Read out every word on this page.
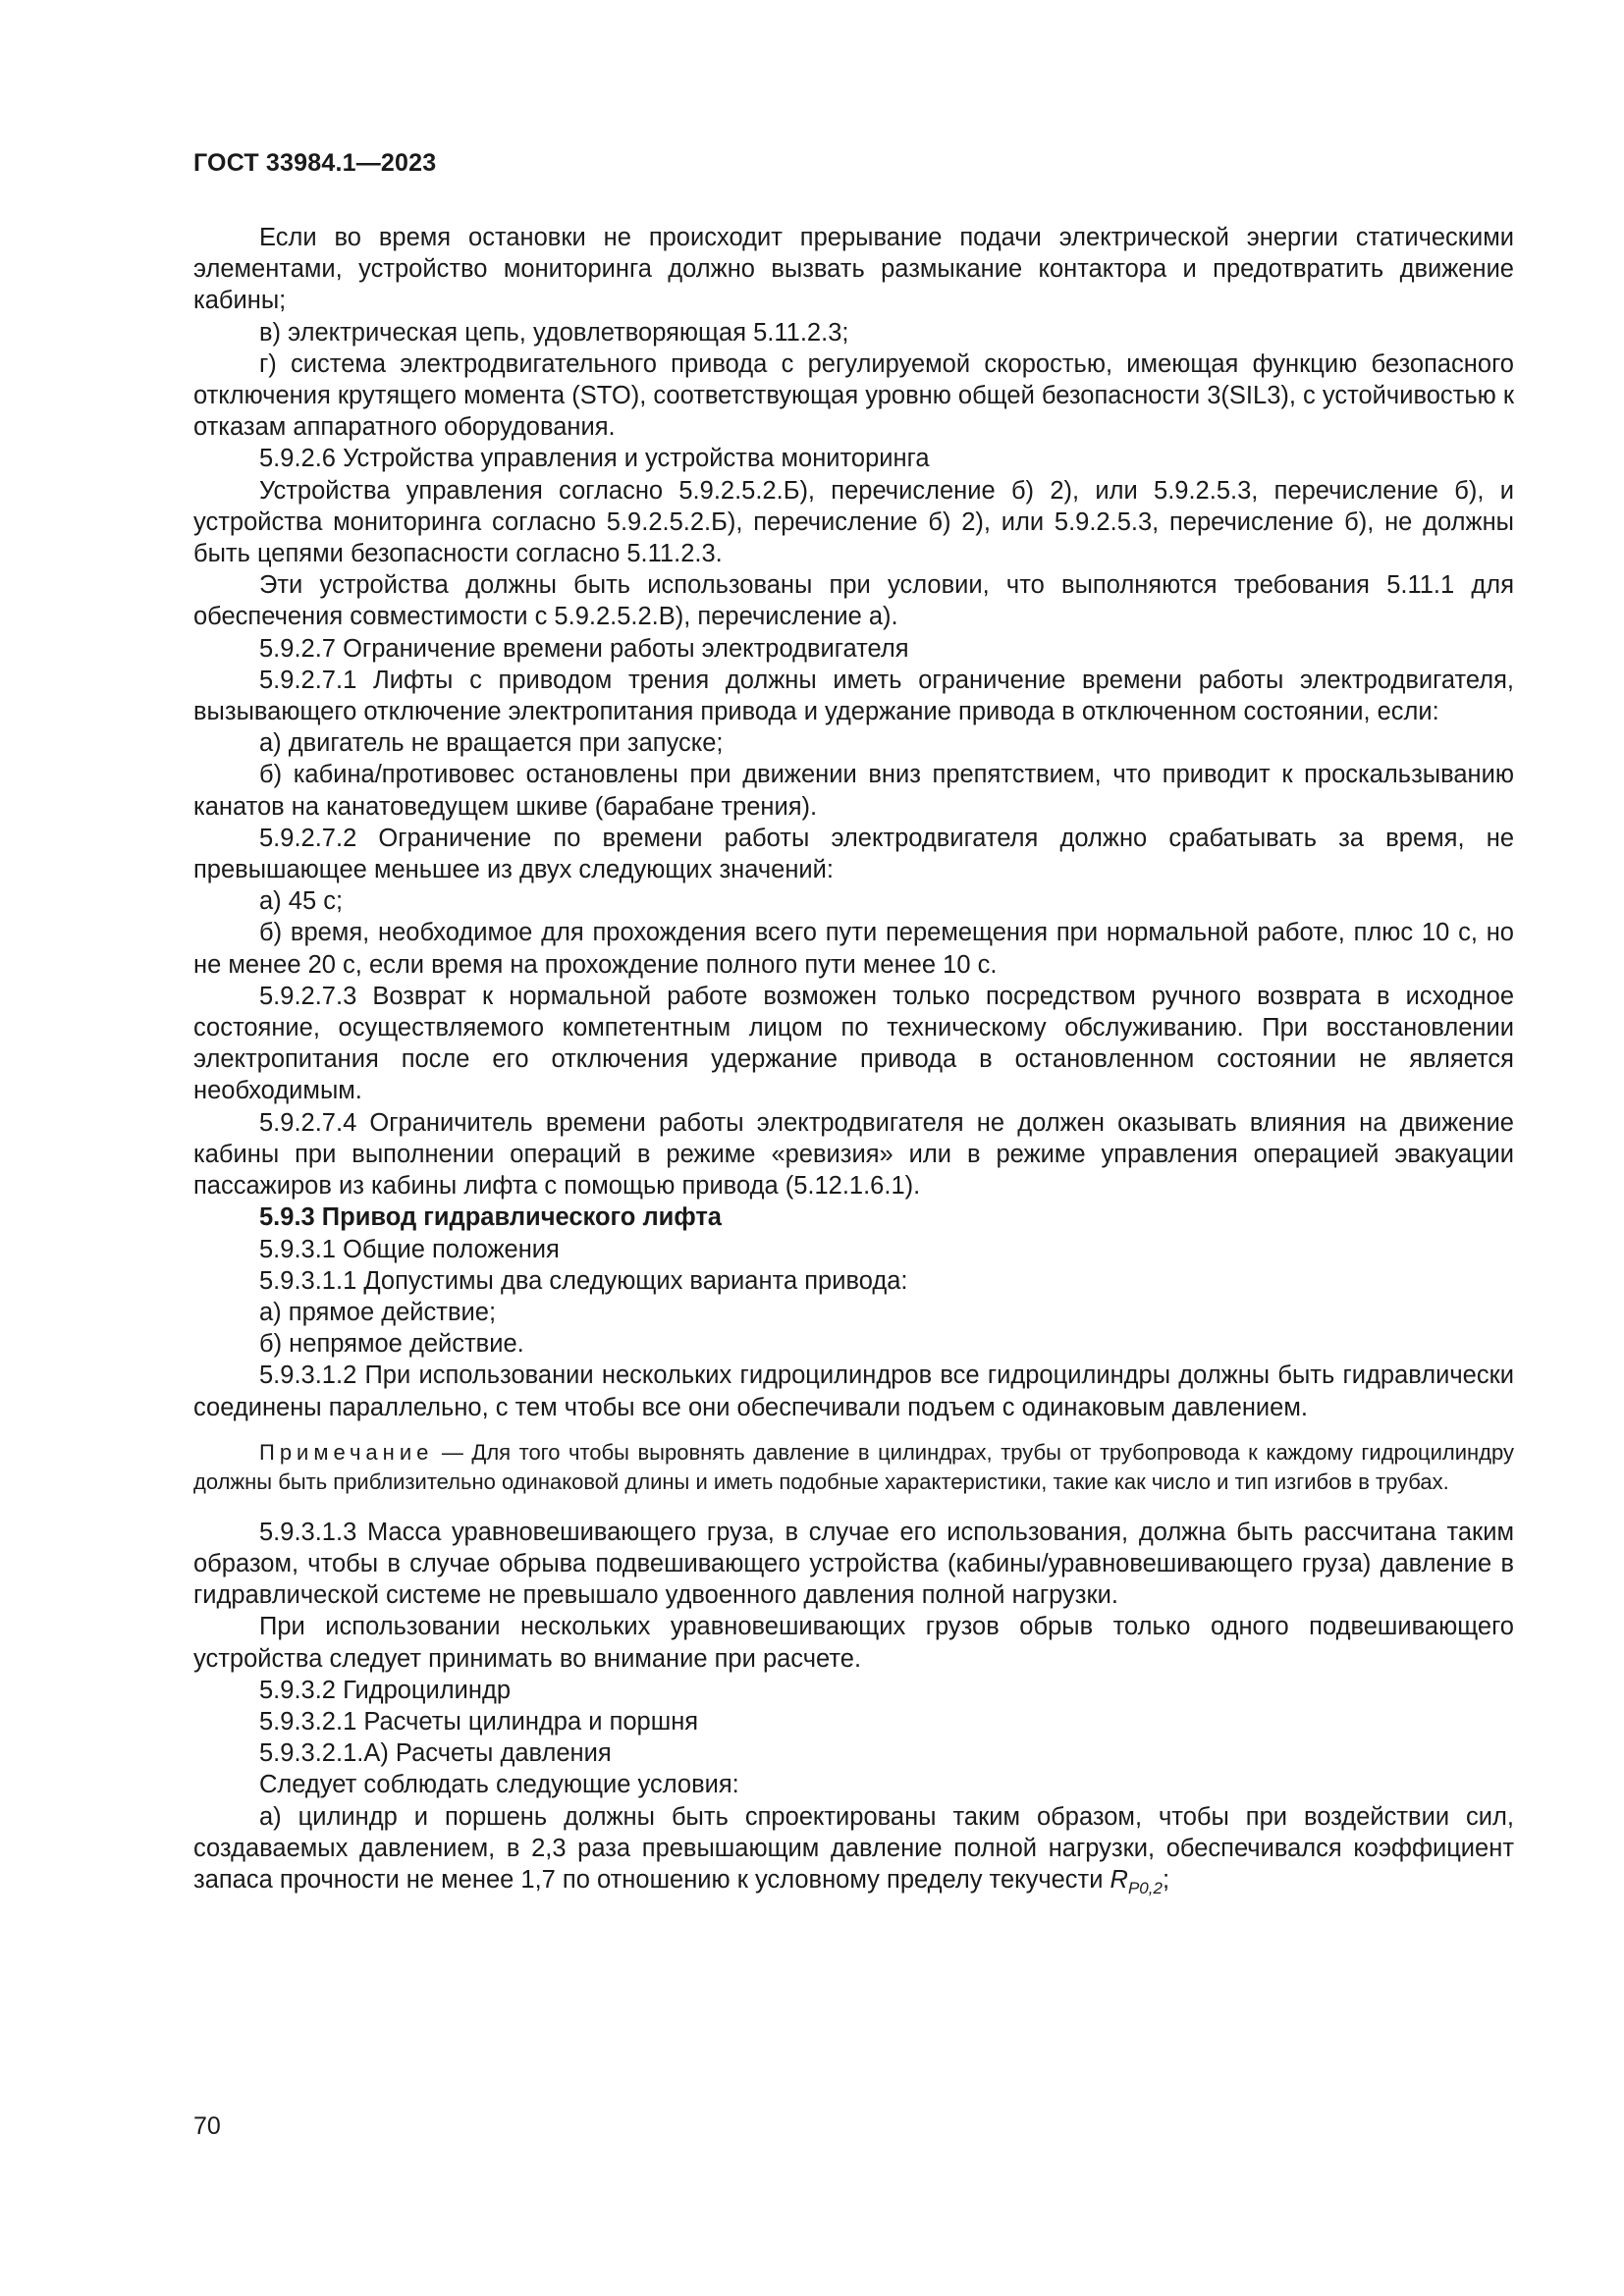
ГОСТ 33984.1—2023

Если во время остановки не происходит прерывание подачи электрической энергии статическими элементами, устройство мониторинга должно вызвать размыкание контактора и предотвратить движение кабины;

в) электрическая цепь, удовлетворяющая 5.11.2.3;

г) система электродвигательного привода с регулируемой скоростью, имеющая функцию безопасного отключения крутящего момента (STO), соответствующая уровню общей безопасности 3(SIL3), с устойчивостью к отказам аппаратного оборудования.

5.9.2.6 Устройства управления и устройства мониторинга

Устройства управления согласно 5.9.2.5.2.Б), перечисление б) 2), или 5.9.2.5.3, перечисление б), и устройства мониторинга согласно 5.9.2.5.2.Б), перечисление б) 2), или 5.9.2.5.3, перечисление б), не должны быть цепями безопасности согласно 5.11.2.3.

Эти устройства должны быть использованы при условии, что выполняются требования 5.11.1 для обеспечения совместимости с 5.9.2.5.2.В), перечисление а).

5.9.2.7 Ограничение времени работы электродвигателя

5.9.2.7.1 Лифты с приводом трения должны иметь ограничение времени работы электродвигателя, вызывающего отключение электропитания привода и удержание привода в отключенном состоянии, если:

а) двигатель не вращается при запуске;

б) кабина/противовес остановлены при движении вниз препятствием, что приводит к проскальзыванию канатов на канатоведущем шкиве (барабане трения).

5.9.2.7.2 Ограничение по времени работы электродвигателя должно срабатывать за время, не превышающее меньшее из двух следующих значений:

а) 45 с;

б) время, необходимое для прохождения всего пути перемещения при нормальной работе, плюс 10 с, но не менее 20 с, если время на прохождение полного пути менее 10 с.

5.9.2.7.3 Возврат к нормальной работе возможен только посредством ручного возврата в исходное состояние, осуществляемого компетентным лицом по техническому обслуживанию. При восстановлении электропитания после его отключения удержание привода в остановленном состоянии не является необходимым.

5.9.2.7.4 Ограничитель времени работы электродвигателя не должен оказывать влияния на движение кабины при выполнении операций в режиме «ревизия» или в режиме управления операцией эвакуации пассажиров из кабины лифта с помощью привода (5.12.1.6.1).

5.9.3 Привод гидравлического лифта

5.9.3.1 Общие положения

5.9.3.1.1 Допустимы два следующих варианта привода:

а) прямое действие;

б) непрямое действие.

5.9.3.1.2 При использовании нескольких гидроцилиндров все гидроцилиндры должны быть гидравлически соединены параллельно, с тем чтобы все они обеспечивали подъем с одинаковым давлением.

Примечание — Для того чтобы выровнять давление в цилиндрах, трубы от трубопровода к каждому гидроцилиндру должны быть приблизительно одинаковой длины и иметь подобные характеристики, такие как число и тип изгибов в трубах.

5.9.3.1.3 Масса уравновешивающего груза, в случае его использования, должна быть рассчитана таким образом, чтобы в случае обрыва подвешивающего устройства (кабины/уравновешивающего груза) давление в гидравлической системе не превышало удвоенного давления полной нагрузки.

При использовании нескольких уравновешивающих грузов обрыв только одного подвешивающего устройства следует принимать во внимание при расчете.

5.9.3.2 Гидроцилиндр

5.9.3.2.1 Расчеты цилиндра и поршня

5.9.3.2.1.А) Расчеты давления

Следует соблюдать следующие условия:

а) цилиндр и поршень должны быть спроектированы таким образом, чтобы при воздействии сил, создаваемых давлением, в 2,3 раза превышающим давление полной нагрузки, обеспечивался коэффициент запаса прочности не менее 1,7 по отношению к условному пределу текучести $R_{P0,2}$;

70
